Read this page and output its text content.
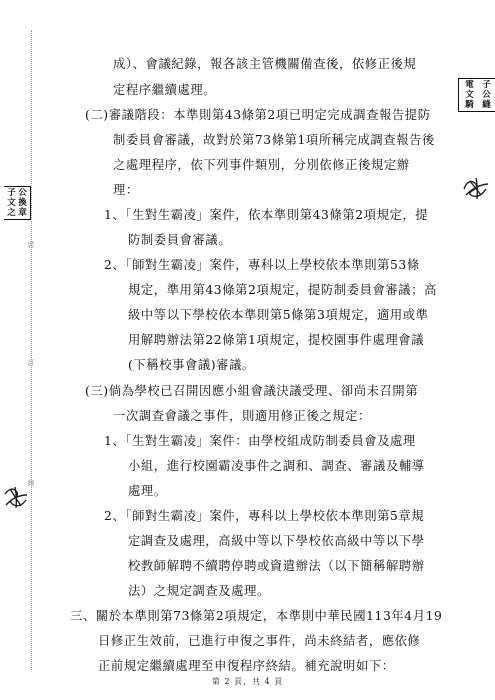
裝
訂
線
成）、會議紀錄，報各該主管機關備查後，依修正後規
定程序繼續處理。
(二)審議階段：本準則第43條第2項已明定完成調查報告提防
制委員會審議，故對於第73條第1項所稱完成調查報告後
之處理程序，依下列事件類別，分別依修正後規定辦
理：
1、「生對生霸凌」案件，依本準則第43條第2項規定，提
防制委員會審議。
2、「師對生霸凌」案件，專科以上學校依本準則第53條
規定，準用第43條第2項規定，提防制委員會審議；高
級中等以下學校依本準則第5條第3項規定，適用或準
用解聘辦法第22條第1項規定，提校園事件處理會議
(下稱校事會議)審議。
(三)倘為學校已召開因應小組會議決議受理、卻尚未召開第
一次調查會議之事件，則適用修正後之規定：
1、「生對生霸凌」案件：由學校組成防制委員會及處理
小組，進行校園霸凌事件之調和、調查、審議及輔導
處理。
2、「師對生霸凌」案件，專科以上學校依本準則第5章規
定調查及處理，高級中等以下學校依高級中等以下學
校教師解聘不續聘停聘或資遣辦法（以下簡稱解聘辦
法）之規定調查及處理。
三、關於本準則第73條第2項規定，本準則中華民國113年4月19
日修正生效前，已進行申復之事件，尚未終結者，應依修
正前規定繼續處理至申復程序終結。補充說明如下：
電 子
文 公
騎 縫
子 公
文 換
之 章
第 2 頁，共 4 頁
